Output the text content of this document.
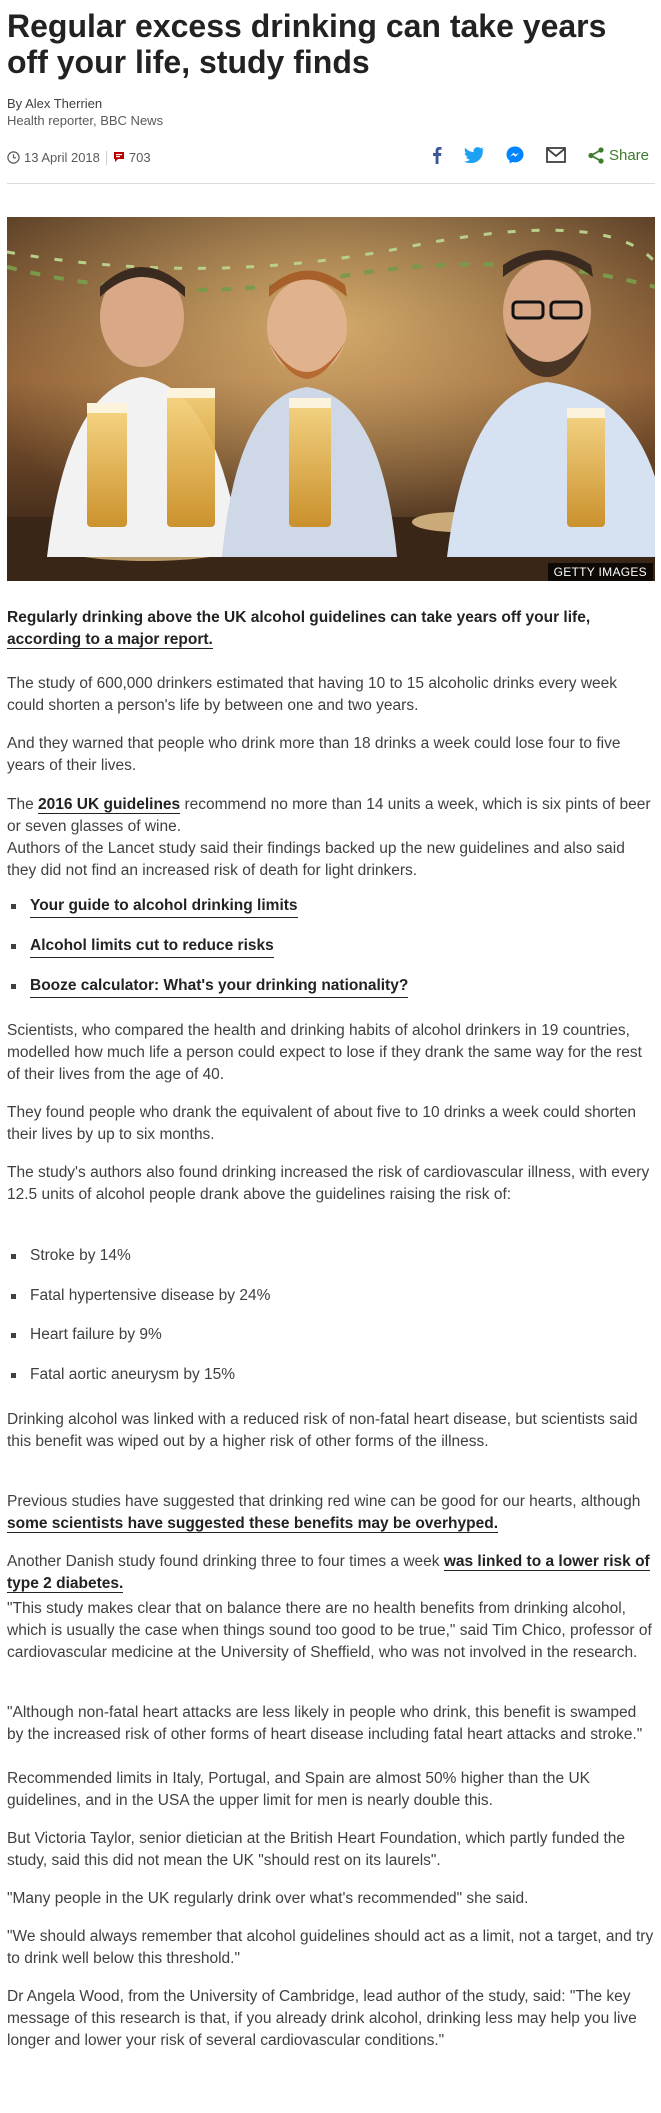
Regular excess drinking can take years off your life, study finds
By Alex Therrien
Health reporter, BBC News
13 April 2018 703	Share
GETTY IMAGES

Regularly drinking above the UK alcohol guidelines can take years off your life, according to a major report.

The study of 600,000 drinkers estimated that having 10 to 15 alcoholic drinks every week could shorten a person's life by between one and two years.

And they warned that people who drink more than 18 drinks a week could lose four to five years of their lives.

The 2016 UK guidelines recommend no more than 14 units a week, which is six pints of beer or seven glasses of wine.

Authors of the Lancet study said their findings backed up the new guidelines and also said they did not find an increased risk of death for light drinkers.

Your guide to alcohol drinking limits
Alcohol limits cut to reduce risks
Booze calculator: What's your drinking nationality?

Scientists, who compared the health and drinking habits of alcohol drinkers in 19 countries, modelled how much life a person could expect to lose if they drank the same way for the rest of their lives from the age of 40.

They found people who drank the equivalent of about five to 10 drinks a week could shorten their lives by up to six months.

The study's authors also found drinking increased the risk of cardiovascular illness, with every 12.5 units of alcohol people drank above the guidelines raising the risk of:

Stroke by 14%
Fatal hypertensive disease by 24%
Heart failure by 9%
Fatal aortic aneurysm by 15%

Drinking alcohol was linked with a reduced risk of non-fatal heart disease, but scientists said this benefit was wiped out by a higher risk of other forms of the illness.

Previous studies have suggested that drinking red wine can be good for our hearts, although some scientists have suggested these benefits may be overhyped.

Another Danish study found drinking three to four times a week was linked to a lower risk of type 2 diabetes.

"This study makes clear that on balance there are no health benefits from drinking alcohol, which is usually the case when things sound too good to be true," said Tim Chico, professor of cardiovascular medicine at the University of Sheffield, who was not involved in the research.

"Although non-fatal heart attacks are less likely in people who drink, this benefit is swamped by the increased risk of other forms of heart disease including fatal heart attacks and stroke."

Recommended limits in Italy, Portugal, and Spain are almost 50% higher than the UK guidelines, and in the USA the upper limit for men is nearly double this.

But Victoria Taylor, senior dietician at the British Heart Foundation, which partly funded the study, said this did not mean the UK "should rest on its laurels".

"Many people in the UK regularly drink over what's recommended" she said.

"We should always remember that alcohol guidelines should act as a limit, not a target, and try to drink well below this threshold."

Dr Angela Wood, from the University of Cambridge, lead author of the study, said: "The key message of this research is that, if you already drink alcohol, drinking less may help you live longer and lower your risk of several cardiovascular conditions."
